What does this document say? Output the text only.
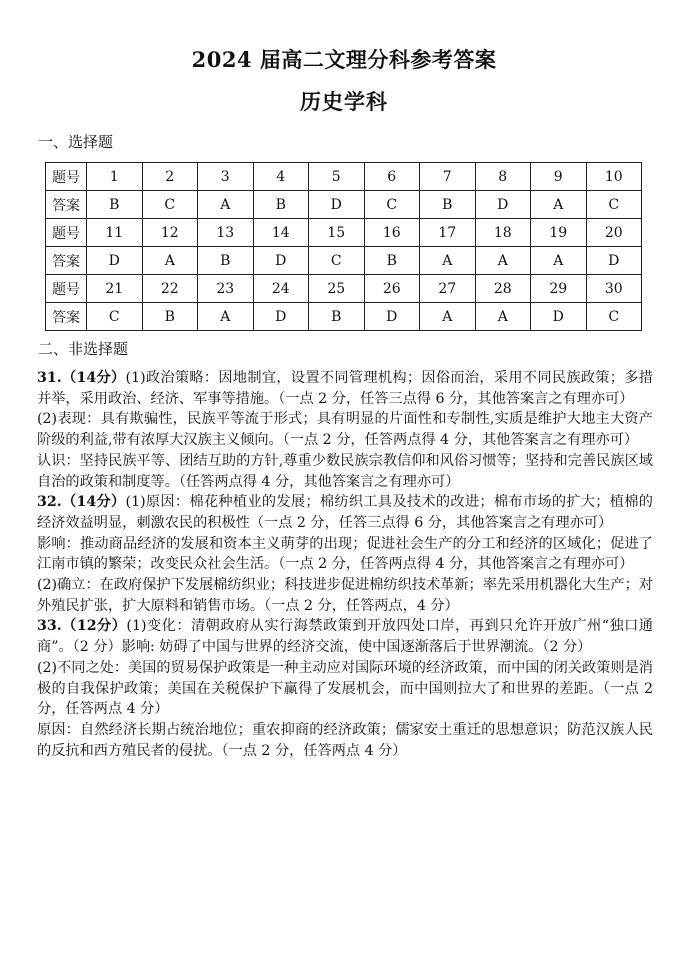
2024 届高二文理分科参考答案
历史学科
一、选择题
题号	1	2	3	4	5	6	7	8	9	10
答案	B	C	A	B	D	C	B	D	A	C
题号	11	12	13	14	15	16	17	18	19	20
答案	D	A	B	D	C	B	A	A	A	D
题号	21	22	23	24	25	26	27	28	29	30
答案	C	B	A	D	B	D	A	A	D	C
二、非选择题

31.（14分）(1)政治策略：因地制宜，设置不同管理机构；因俗而治，采用不同民族政策；多措并举，采用政治、经济、军事等措施。（一点 2 分，任答三点得 6 分，其他答案言之有理亦可）

(2)表现：具有欺骗性，民族平等流于形式；具有明显的片面性和专制性,实质是维护大地主大资产阶级的利益,带有浓厚大汉族主义倾向。（一点 2 分，任答两点得 4 分，其他答案言之有理亦可）

认识：坚持民族平等、团结互助的方针,尊重少数民族宗教信仰和风俗习惯等；坚持和完善民族区域自治的政策和制度等。（任答两点得 4 分，其他答案言之有理亦可）

32.（14分）(1)原因：棉花种植业的发展；棉纺织工具及技术的改进；棉布市场的扩大；植棉的经济效益明显，刺激农民的积极性（一点 2 分，任答三点得 6 分，其他答案言之有理亦可）

影响：推动商品经济的发展和资本主义萌芽的出现；促进社会生产的分工和经济的区域化；促进了江南市镇的繁荣；改变民众社会生活。（一点 2 分，任答两点得 4 分，其他答案言之有理亦可）

(2)确立：在政府保护下发展棉纺织业；科技进步促进棉纺织技术革新；率先采用机器化大生产；对外殖民扩张，扩大原料和销售市场。（一点 2 分，任答两点，4 分）

33.（12分）(1)变化：清朝政府从实行海禁政策到开放四处口岸，再到只允许开放广州“独口通商”。（2 分）影响: 妨碍了中国与世界的经济交流，使中国逐渐落后于世界潮流。（2 分）

(2)不同之处：美国的贸易保护政策是一种主动应对国际环境的经济政策，而中国的闭关政策则是消极的自我保护政策；美国在关税保护下赢得了发展机会，而中国则拉大了和世界的差距。（一点 2 分，任答两点 4 分）

原因：自然经济长期占统治地位；重农抑商的经济政策；儒家安土重迁的思想意识；防范汉族人民的反抗和西方殖民者的侵扰。（一点 2 分，任答两点 4 分）
